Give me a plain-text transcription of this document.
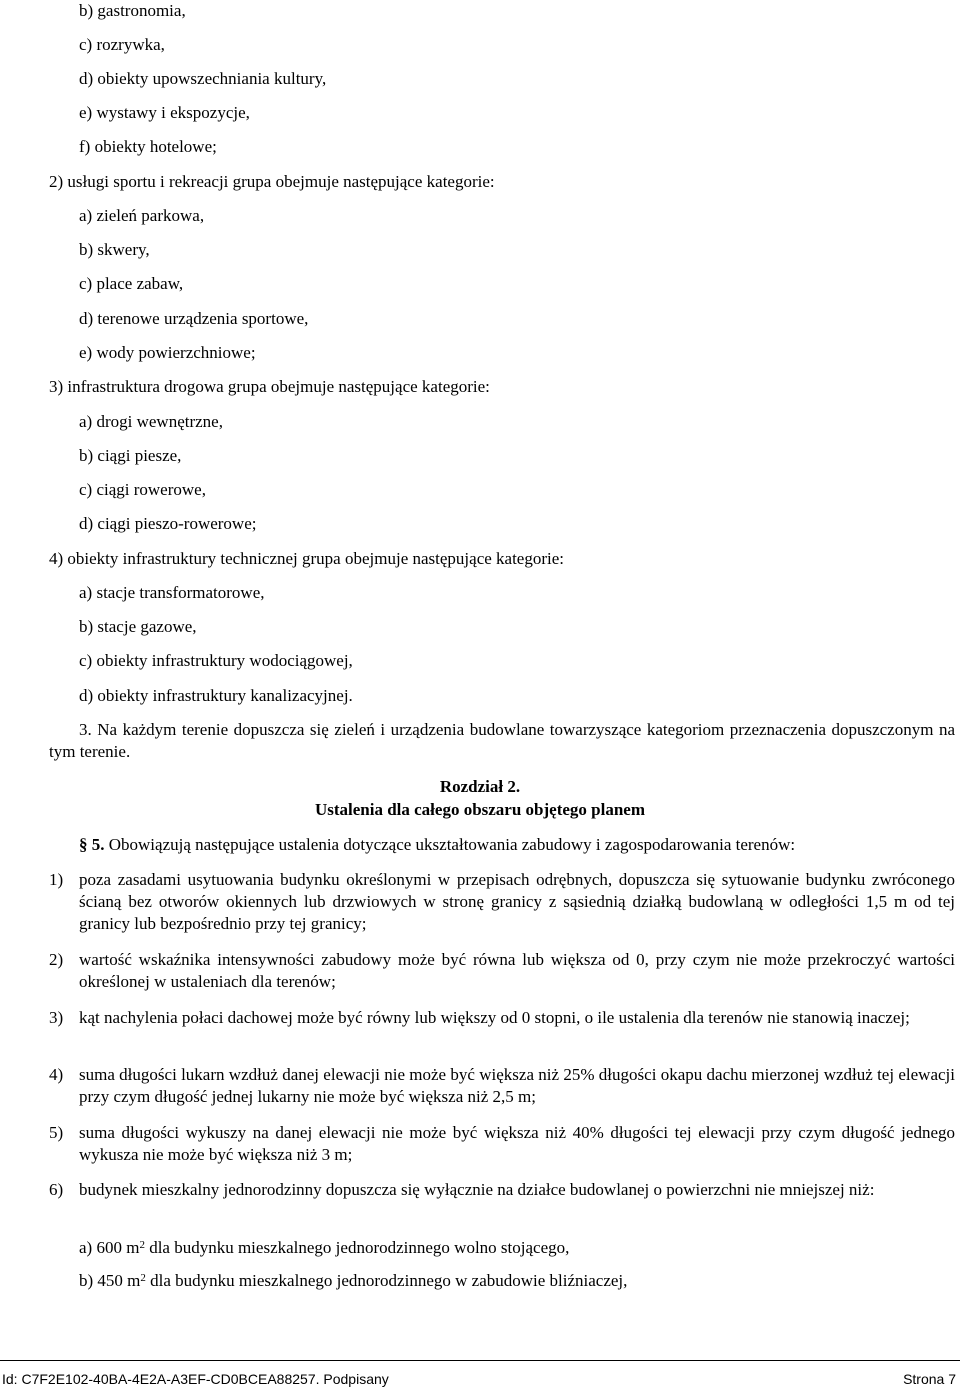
b) gastronomia,
c) rozrywka,
d) obiekty upowszechniania kultury,
e) wystawy i ekspozycje,
f) obiekty hotelowe;
2) usługi sportu i rekreacji grupa obejmuje następujące kategorie:
a) zieleń parkowa,
b) skwery,
c) place zabaw,
d) terenowe urządzenia sportowe,
e) wody powierzchniowe;
3) infrastruktura drogowa grupa obejmuje następujące kategorie:
a) drogi wewnętrzne,
b) ciągi piesze,
c) ciągi rowerowe,
d) ciągi pieszo-rowerowe;
4) obiekty infrastruktury technicznej grupa obejmuje następujące kategorie:
a) stacje transformatorowe,
b) stacje gazowe,
c) obiekty infrastruktury wodociągowej,
d) obiekty infrastruktury kanalizacyjnej.
3. Na każdym terenie dopuszcza się zieleń i urządzenia budowlane towarzyszące kategoriom przeznaczenia dopuszczonym na tym terenie.
Rozdział 2.
Ustalenia dla całego obszaru objętego planem
§ 5. Obowiązują następujące ustalenia dotyczące ukształtowania zabudowy i zagospodarowania terenów:
1) poza zasadami usytuowania budynku określonymi w przepisach odrębnych, dopuszcza się sytuowanie budynku zwróconego ścianą bez otworów okiennych lub drzwiowych w stronę granicy z sąsiednią działką budowlaną w odległości 1,5 m od tej granicy lub bezpośrednio przy tej granicy;
2) wartość wskaźnika intensywności zabudowy może być równa lub większa od 0, przy czym nie może przekroczyć wartości określonej w ustaleniach dla terenów;
3) kąt nachylenia połaci dachowej może być równy lub większy od 0 stopni, o ile ustalenia dla terenów nie stanowią inaczej;
4) suma długości lukarn wzdłuż danej elewacji nie może być większa niż 25% długości okapu dachu mierzonej wzdłuż tej elewacji przy czym długość jednej lukarny nie może być większa niż 2,5 m;
5) suma długości wykuszy na danej elewacji nie może być większa niż 40% długości tej elewacji przy czym długość jednego wykusza nie może być większa niż 3 m;
6) budynek mieszkalny jednorodzinny dopuszcza się wyłącznie na działce budowlanej o powierzchni nie mniejszej niż:
a) 600 $m^2$ dla budynku mieszkalnego jednorodzinnego wolno stojącego,
b) 450 $m^2$ dla budynku mieszkalnego jednorodzinnego w zabudowie bliźniaczej,
Id: C7F2E102-40BA-4E2A-A3EF-CD0BCEA88257. Podpisany	Strona 7
